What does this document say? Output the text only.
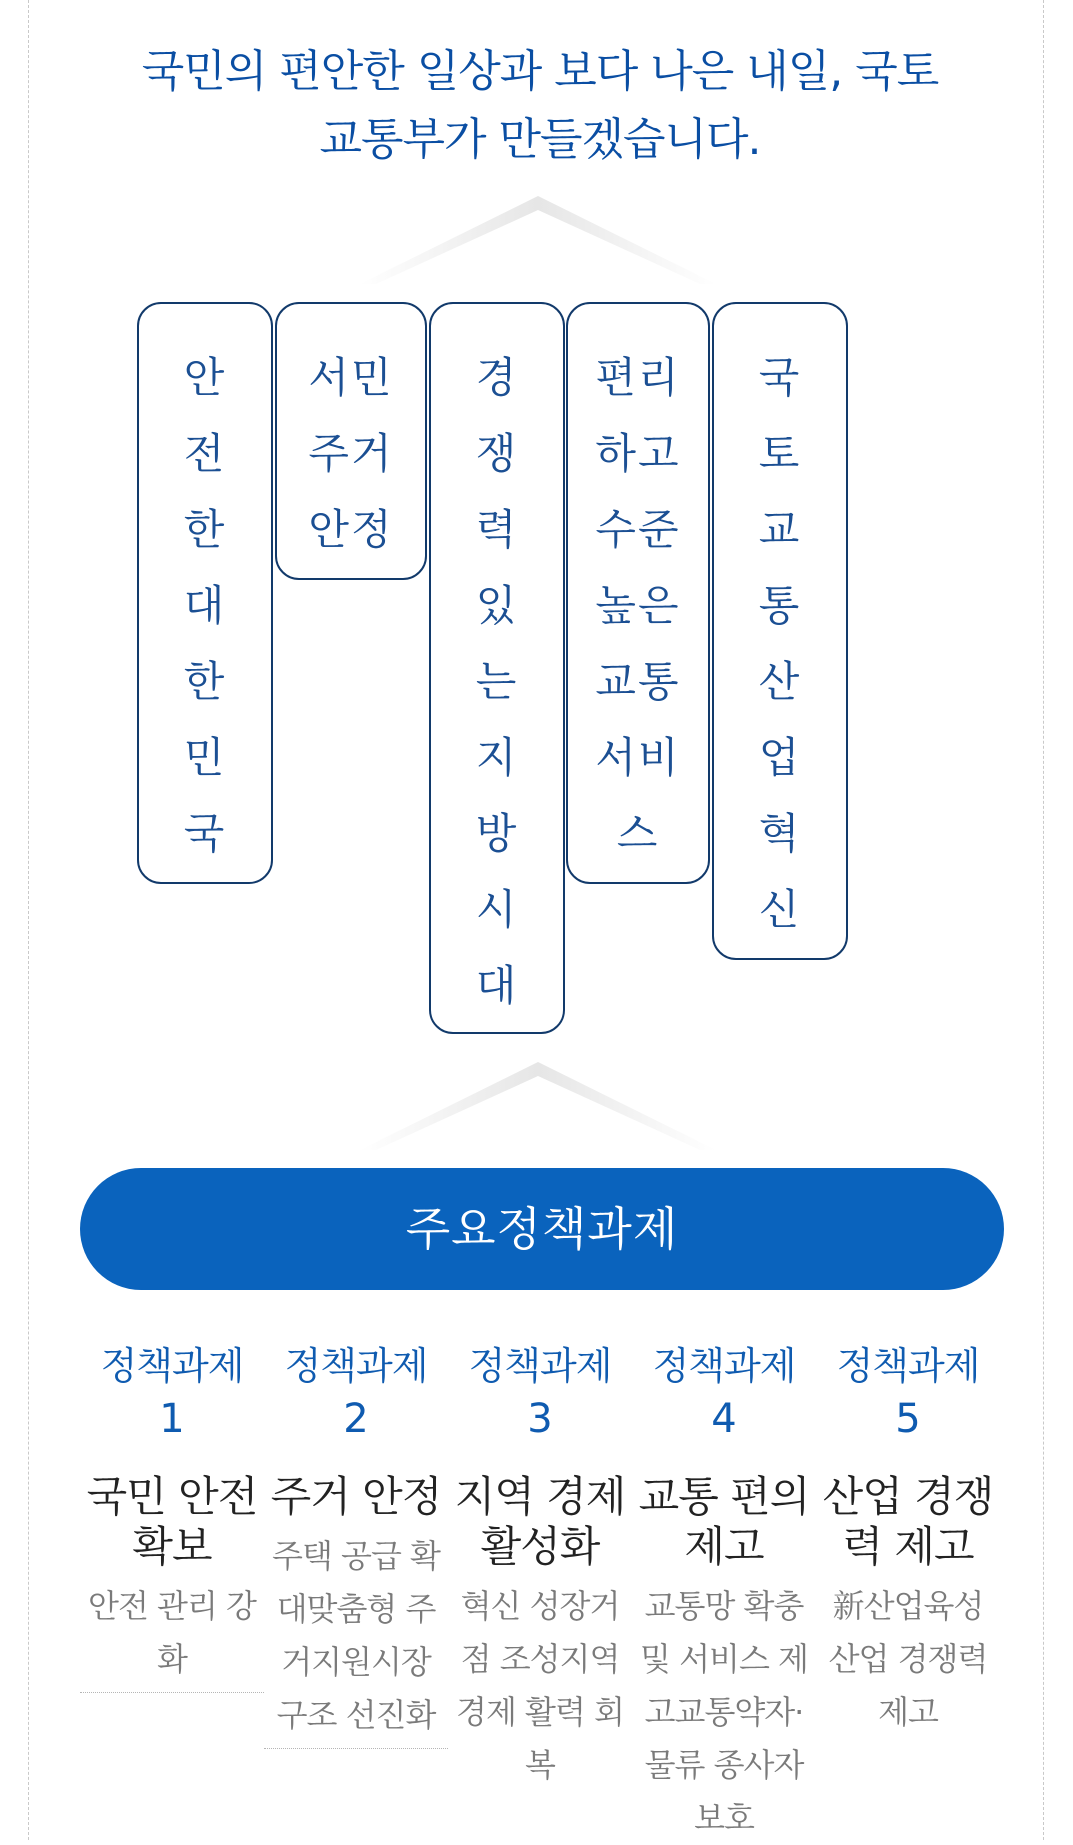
국민의 편안한 일상과 보다 나은 내일, 국토
교통부가 만들겠습니다.
안전한대한민국
서민주거안정
경쟁력있는지방시대
편리하고수준높은교통서비스
국토교통산업혁신
주요정책과제
정책과제
1
국민 안전 확보
안전 관리 강화
정책과제
2
주거 안정
주택 공급 확대맞춤형 주거지원시장 구조 선진화
정책과제
3
지역 경제 활성화
혁신 성장거점 조성지역 경제 활력 회복
정책과제
4
교통 편의 제고
교통망 확충 및 서비스 제고교통약자·물류 종사자 보호
정책과제
5
산업 경쟁력 제고
新산업육성 산업 경쟁력 제고
